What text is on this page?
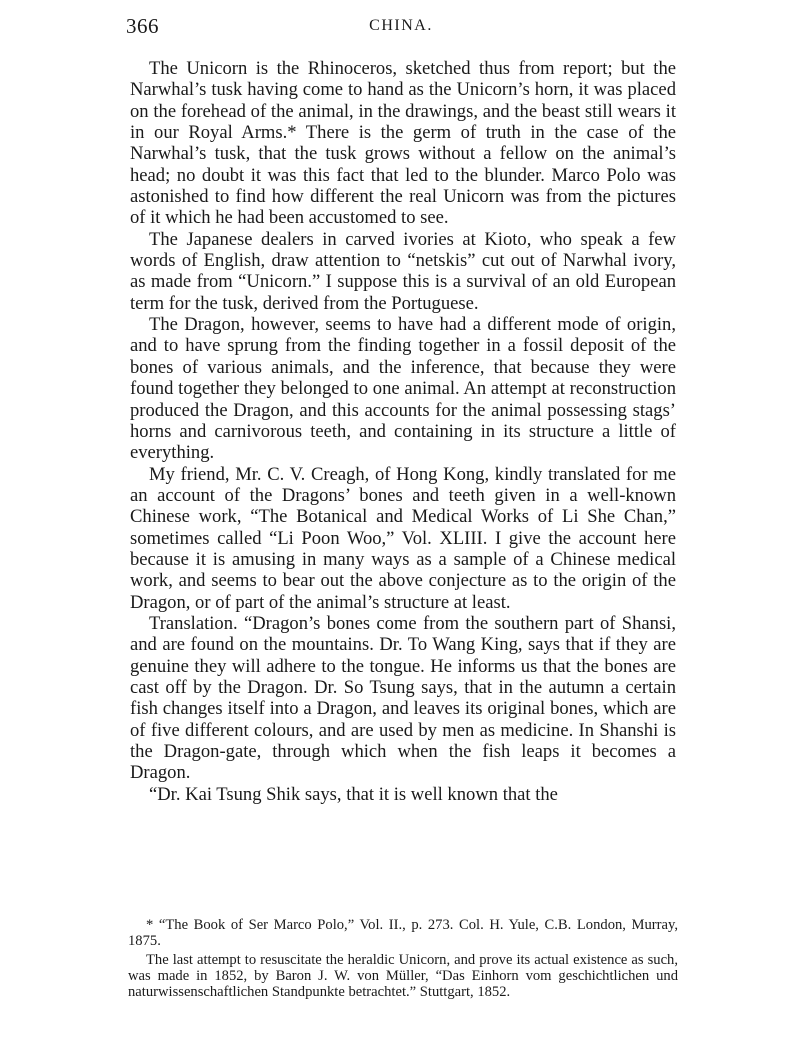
366	CHINA.

The Unicorn is the Rhinoceros, sketched thus from report; but the Narwhal’s tusk having come to hand as the Unicorn’s horn, it was placed on the forehead of the animal, in the drawings, and the beast still wears it in our Royal Arms.* There is the germ of truth in the case of the Narwhal’s tusk, that the tusk grows without a fellow on the animal’s head; no doubt it was this fact that led to the blunder. Marco Polo was astonished to find how different the real Unicorn was from the pictures of it which he had been accustomed to see.

The Japanese dealers in carved ivories at Kioto, who speak a few words of English, draw attention to “netskis” cut out of Narwhal ivory, as made from “Unicorn.” I suppose this is a survival of an old European term for the tusk, derived from the Portuguese.

The Dragon, however, seems to have had a different mode of origin, and to have sprung from the finding together in a fossil deposit of the bones of various animals, and the inference, that because they were found together they belonged to one animal. An attempt at reconstruction produced the Dragon, and this accounts for the animal possessing stags’ horns and carnivorous teeth, and containing in its structure a little of everything.

My friend, Mr. C. V. Creagh, of Hong Kong, kindly translated for me an account of the Dragons’ bones and teeth given in a well-known Chinese work, “The Botanical and Medical Works of Li She Chan,” sometimes called “Li Poon Woo,” Vol. XLIII. I give the account here because it is amusing in many ways as a sample of a Chinese medical work, and seems to bear out the above conjecture as to the origin of the Dragon, or of part of the animal’s structure at least.

Translation. “Dragon’s bones come from the southern part of Shansi, and are found on the mountains. Dr. To Wang King, says that if they are genuine they will adhere to the tongue. He informs us that the bones are cast off by the Dragon. Dr. So Tsung says, that in the autumn a certain fish changes itself into a Dragon, and leaves its original bones, which are of five different colours, and are used by men as medicine. In Shanshi is the Dragon-gate, through which when the fish leaps it becomes a Dragon.

“Dr. Kai Tsung Shik says, that it is well known that the

* “The Book of Ser Marco Polo,” Vol. II., p. 273. Col. H. Yule, C.B. London, Murray, 1875.

The last attempt to resuscitate the heraldic Unicorn, and prove its actual existence as such, was made in 1852, by Baron J. W. von Müller, “Das Einhorn vom geschichtlichen und naturwissenschaftlichen Standpunkte betrachtet.” Stuttgart, 1852.
